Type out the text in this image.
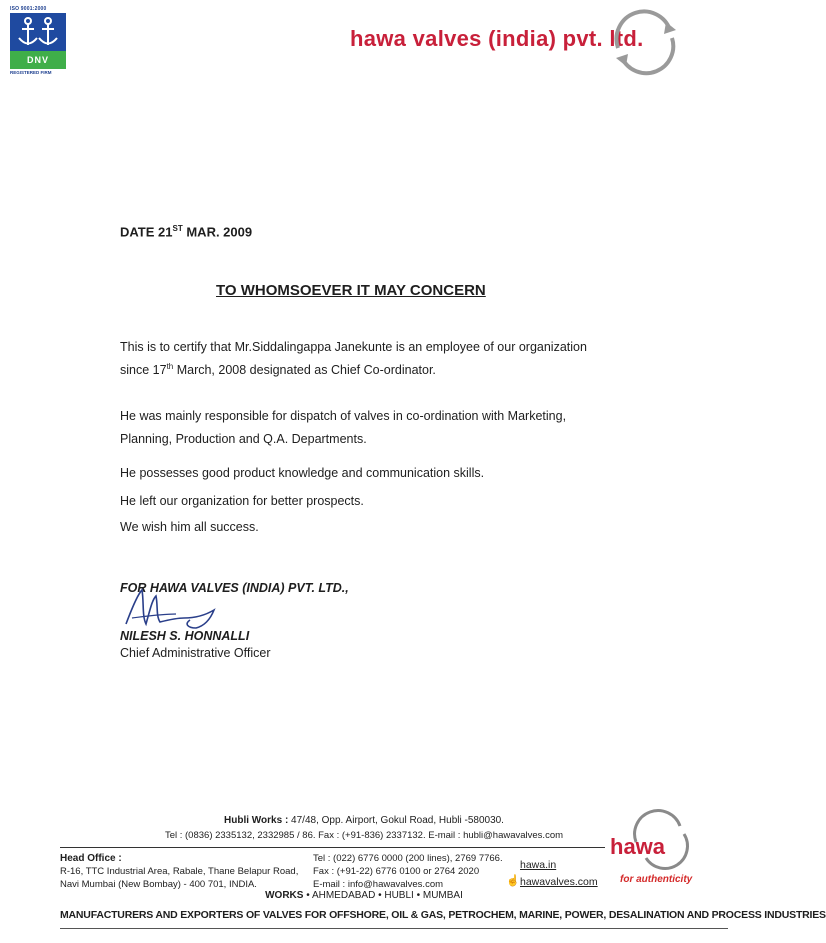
ISO 9001:2000
DNV
REGISTERED FIRM
hawa valves (india) pvt. ltd.
DATE 21ST MAR. 2009
TO WHOMSOEVER IT MAY CONCERN
This is to certify that Mr.Siddalingappa Janekunte is an employee of our organization since 17th March, 2008 designated as Chief Co-ordinator.
He was mainly responsible for dispatch of valves in co-ordination with Marketing, Planning, Production and Q.A. Departments.
He possesses good product knowledge and communication skills.
He left our organization for better prospects.
We wish him all success.
FOR HAWA VALVES (INDIA) PVT. LTD.,
NILESH S. HONNALLI
Chief Administrative Officer
Hubli Works : 47/48, Opp. Airport, Gokul Road, Hubli -580030.
Tel : (0836) 2335132, 2332985 / 86. Fax : (+91-836) 2337132. E-mail : hubli@hawavalves.com	hawa
Head Office :
R-16, TTC Industrial Area, Rabale, Thane Belapur Road,
Navi Mumbai (New Bombay) - 400 701, INDIA.
Tel : (022) 6776 0000 (200 lines), 2769 7766.
Fax : (+91-22) 6776 0100 or 2764 2020
E-mail : info@hawavalves.com
hawa.in
☝ hawavalves.com for authenticity
WORKS • AHMEDABAD • HUBLI • MUMBAI
MANUFACTURERS AND EXPORTERS OF VALVES FOR OFFSHORE, OIL & GAS, PETROCHEM, MARINE, POWER, DESALINATION AND PROCESS INDUSTRIES
